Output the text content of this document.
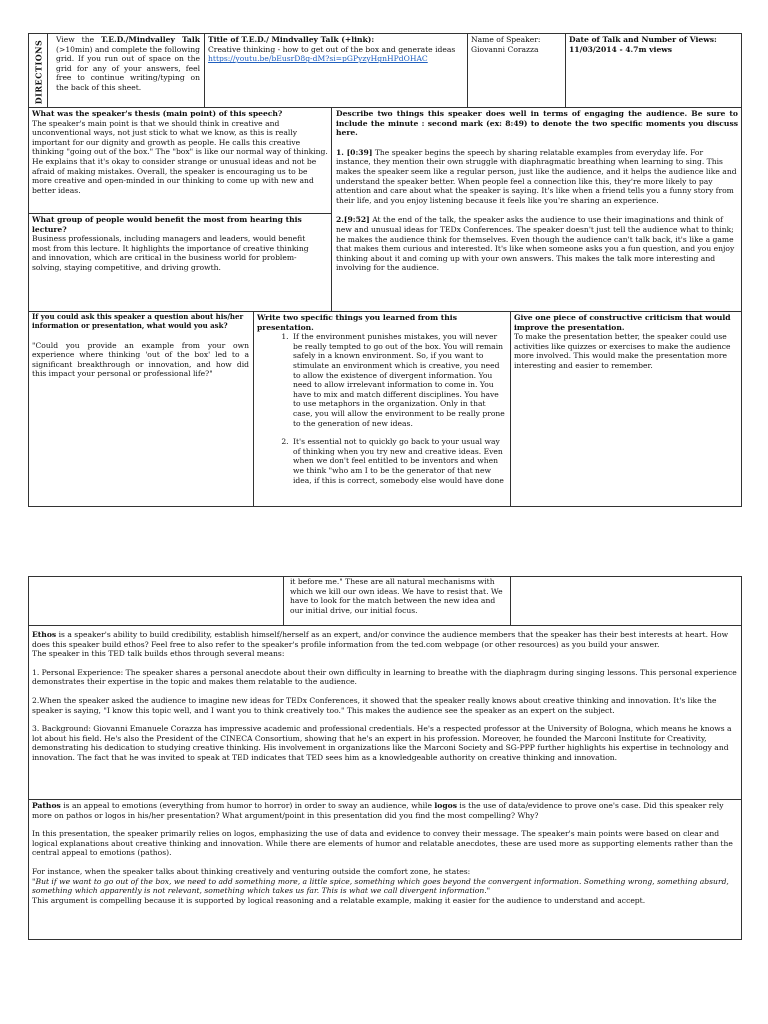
DIRECTIONS
View the T.E.D./Mindvalley Talk (>10min) and complete the following grid. If you run out of space on the grid for any of your answers, feel free to continue writing/typing on the back of this sheet.

Title of T.E.D./ Mindvalley Talk (+link):

Creative thinking - how to get out of the box and generate ideas

https://youtu.be/bEusrD8g-dM?si=pGPyzyHgnHPdOHAC

Name of Speaker:

Giovanni Corazza

Date of Talk and Number of Views:

11/03/2014 - 4.7m views

What was the speaker's thesis (main point) of this speech?

The speaker's main point is that we should think in creative and unconventional ways, not just stick to what we know, as this is really important for our dignity and growth as people. He calls this creative thinking "going out of the box." The "box" is like our normal way of thinking. He explains that it's okay to consider strange or unusual ideas and not be afraid of making mistakes. Overall, the speaker is encouraging us to be more creative and open-minded in our thinking to come up with new and better ideas.

What group of people would benefit the most from hearing this lecture?

Business professionals, including managers and leaders, would benefit most from this lecture. It highlights the importance of creative thinking and innovation, which are critical in the business world for problem-solving, staying competitive, and driving growth.

Describe two things this speaker does well in terms of engaging the audience. Be sure to include the minute : second mark (ex: 8:49) to denote the two specific moments you discuss here.

1. [0:39] The speaker begins the speech by sharing relatable examples from everyday life. For instance, they mention their own struggle with diaphragmatic breathing when learning to sing. This makes the speaker seem like a regular person, just like the audience, and it helps the audience like and understand the speaker better. When people feel a connection like this, they're more likely to pay attention and care about what the speaker is saying. It's like when a friend tells you a funny story from their life, and you enjoy listening because it feels like you're sharing an experience.

2.[9:52] At the end of the talk, the speaker asks the audience to use their imaginations and think of new and unusual ideas for TEDx Conferences. The speaker doesn't just tell the audience what to think; he makes the audience think for themselves. Even though the audience can't talk back, it's like a game that makes them curious and interested. It's like when someone asks you a fun question, and you enjoy thinking about it and coming up with your own answers. This makes the talk more interesting and involving for the audience.

If you could ask this speaker a question about his/her information or presentation, what would you ask?

"Could you provide an example from your own experience where thinking 'out of the box' led to a significant breakthrough or innovation, and how did this impact your personal or professional life?"

Write two specific things you learned from this presentation.

1. If the environment punishes mistakes, you will never be really tempted to go out of the box. You will remain safely in a known environment. So, if you want to stimulate an environment which is creative, you need to allow the existence of divergent information. You need to allow irrelevant information to come in. You have to mix and match different disciplines. You have to use metaphors in the organization. Only in that case, you will allow the environment to be really prone to the generation of new ideas.
2. It's essential not to quickly go back to your usual way of thinking when you try new and creative ideas. Even when we don't feel entitled to be inventors and when we think "who am I to be the generator of that new idea, if this is correct, somebody else would have done

Give one piece of constructive criticism that would improve the presentation.

To make the presentation better, the speaker could use activities like quizzes or exercises to make the audience more involved. This would make the presentation more interesting and easier to remember.

it before me." These are all natural mechanisms with which we kill our own ideas. We have to resist that. We have to look for the match between the new idea and our initial drive, our initial focus.

Ethos is a speaker's ability to build credibility, establish himself/herself as an expert, and/or convince the audience members that the speaker has their best interests at heart. How does this speaker build ethos? Feel free to also refer to the speaker's profile information from the ted.com webpage (or other resources) as you build your answer.

The speaker in this TED talk builds ethos through several means:

1. Personal Experience: The speaker shares a personal anecdote about their own difficulty in learning to breathe with the diaphragm during singing lessons. This personal experience demonstrates their expertise in the topic and makes them relatable to the audience.

2.When the speaker asked the audience to imagine new ideas for TEDx Conferences, it showed that the speaker really knows about creative thinking and innovation. It's like the speaker is saying, "I know this topic well, and I want you to think creatively too." This makes the audience see the speaker as an expert on the subject.

3. Background: Giovanni Emanuele Corazza has impressive academic and professional credentials. He's a respected professor at the University of Bologna, which means he knows a lot about his field. He's also the President of the CINECA Consortium, showing that he's an expert in his profession. Moreover, he founded the Marconi Institute for Creativity, demonstrating his dedication to studying creative thinking. His involvement in organizations like the Marconi Society and SG-PPP further highlights his expertise in technology and innovation. The fact that he was invited to speak at TED indicates that TED sees him as a knowledgeable authority on creative thinking and innovation.

Pathos is an appeal to emotions (everything from humor to horror) in order to sway an audience, while logos is the use of data/evidence to prove one's case. Did this speaker rely more on pathos or logos in his/her presentation? What argument/point in this presentation did you find the most compelling? Why?

In this presentation, the speaker primarily relies on logos, emphasizing the use of data and evidence to convey their message. The speaker's main points were based on clear and logical explanations about creative thinking and innovation. While there are elements of humor and relatable anecdotes, these are used more as supporting elements rather than the central appeal to emotions (pathos).

For instance, when the speaker talks about thinking creatively and venturing outside the comfort zone, he states:

"But if we want to go out of the box, we need to add something more, a little spice, something which goes beyond the convergent information. Something wrong, something absurd, something which apparently is not relevant, something which takes us far. This is what we call divergent information."

This argument is compelling because it is supported by logical reasoning and a relatable example, making it easier for the audience to understand and accept.
